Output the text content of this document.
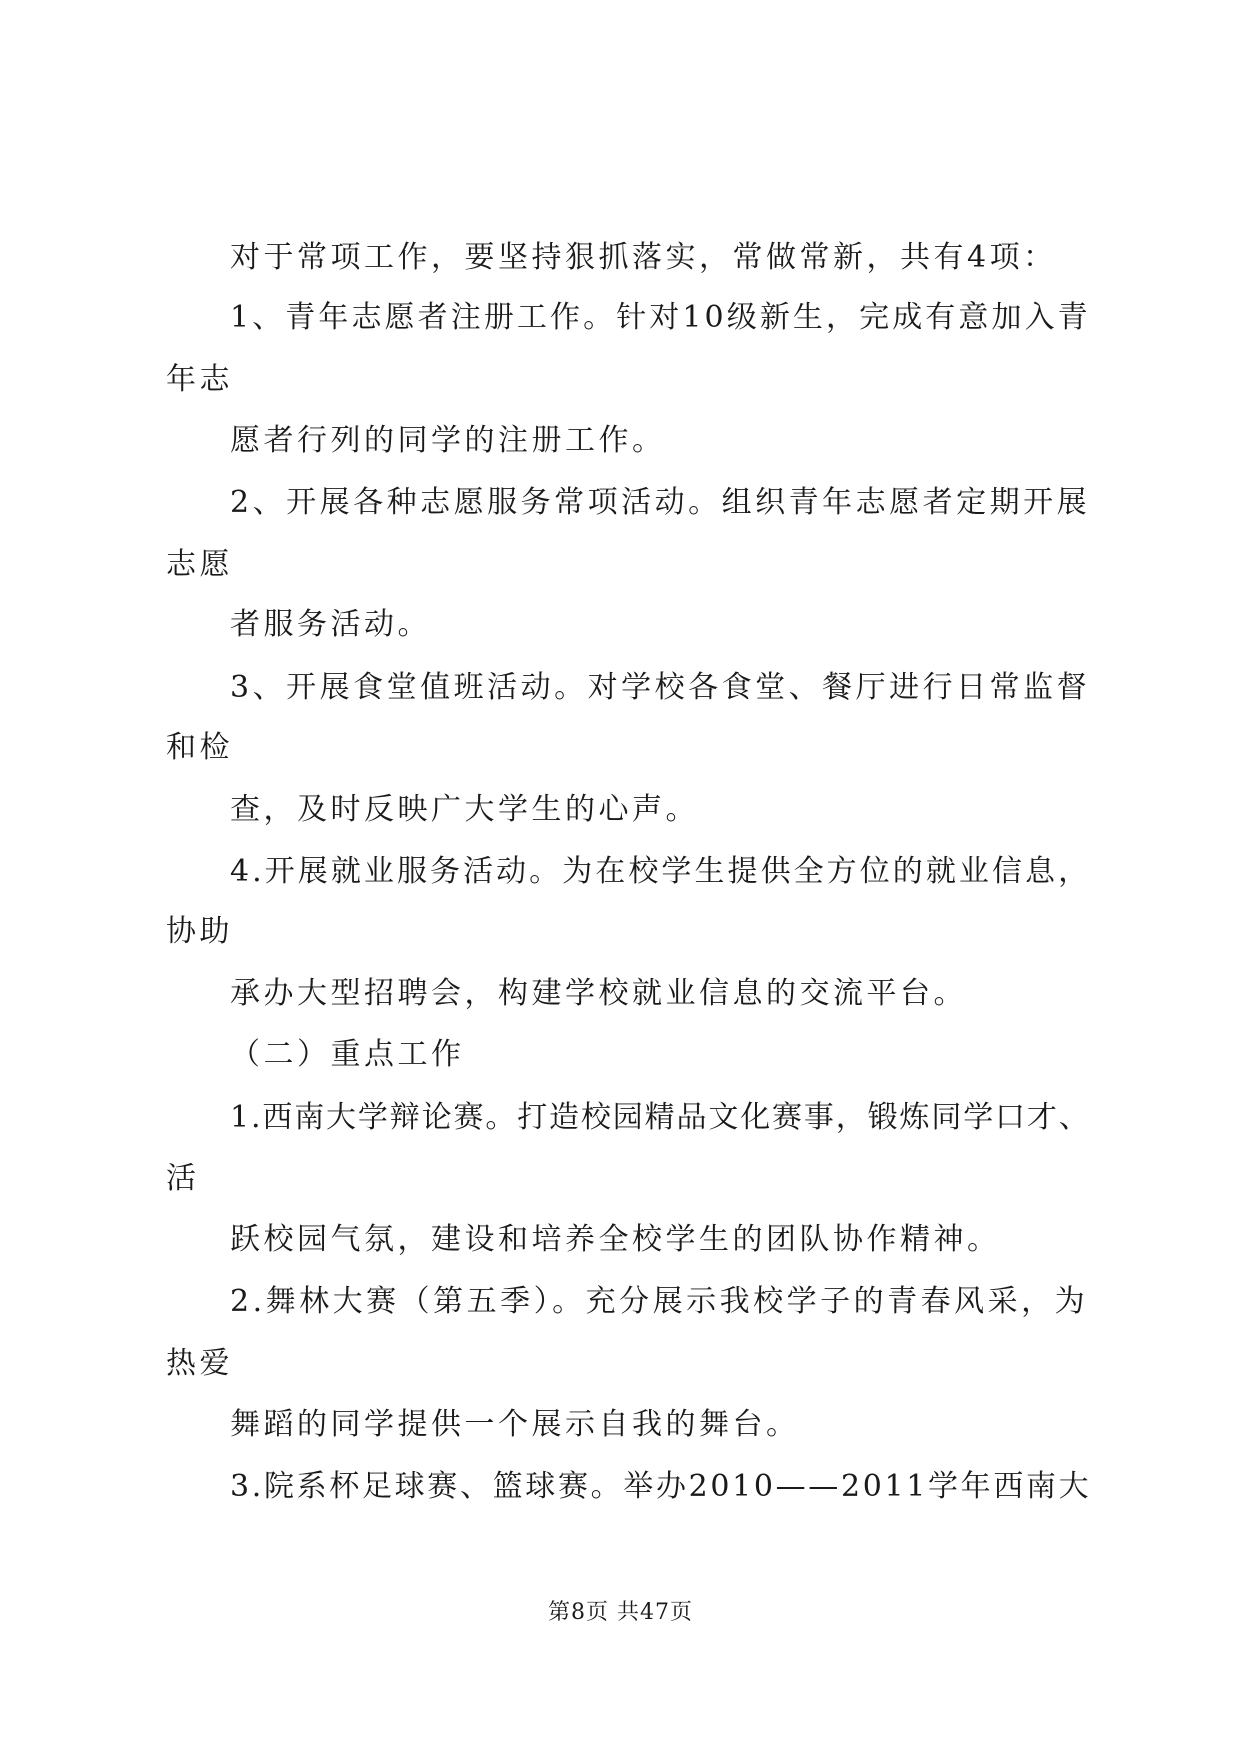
对于常项工作，要坚持狠抓落实，常做常新，共有4项：
1、青年志愿者注册工作。针对10级新生，完成有意加入青
年志
愿者行列的同学的注册工作。
2、开展各种志愿服务常项活动。组织青年志愿者定期开展
志愿
者服务活动。
3、开展食堂值班活动。对学校各食堂、餐厅进行日常监督
和检
查，及时反映广大学生的心声。
4.开展就业服务活动。为在校学生提供全方位的就业信息，
协助
承办大型招聘会，构建学校就业信息的交流平台。
（二）重点工作
1.西南大学辩论赛。打造校园精品文化赛事，锻炼同学口才、
活
跃校园气氛，建设和培养全校学生的团队协作精神。
2.舞林大赛（第五季）。充分展示我校学子的青春风采，为
热爱
舞蹈的同学提供一个展示自我的舞台。
3.院系杯足球赛、篮球赛。举办2010——2011学年西南大
第8页 共47页
